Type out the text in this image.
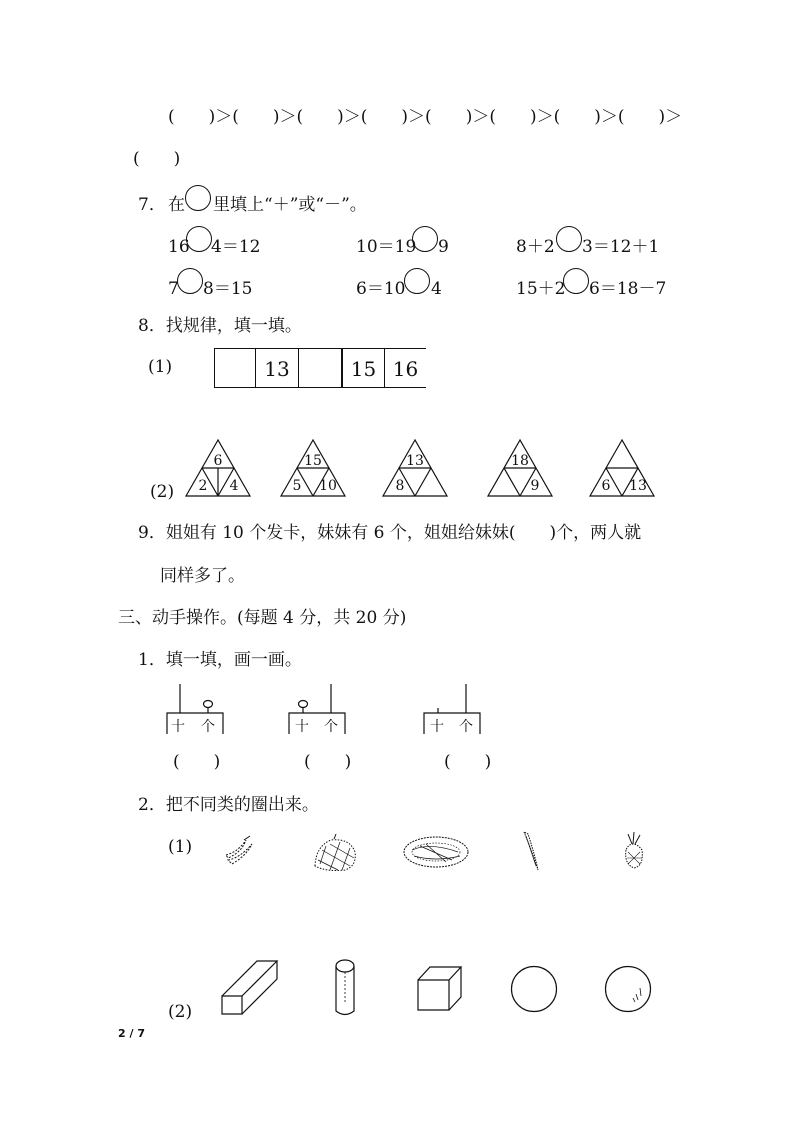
(　　)＞(　　)＞(　　)＞(　　)＞(　　)＞(　　)＞(　　)＞(　　)＞
(　　)
7． 在 里填上“＋”或“－”。
16 4＝12	10＝19 9	8＋2 3＝12＋1
7 8＝15	6＝10 4	15＋2 6＝18－7
8．找规律，填一填。
(1)	13	15 16
(2)
6
2	4
15
5	10
13
8
18
9	6	13
9．姐姐有 10 个发卡，妹妹有 6 个，姐姐给妹妹(　　)个，两人就
同样多了。
三、动手操作。(每题 4 分，共 20 分)
1．填一填，画一画。
十 个	十 个	十 个
(　　)	(　　)	(　　)
2．把不同类的圈出来。
(1)
(2)
2 / 7
